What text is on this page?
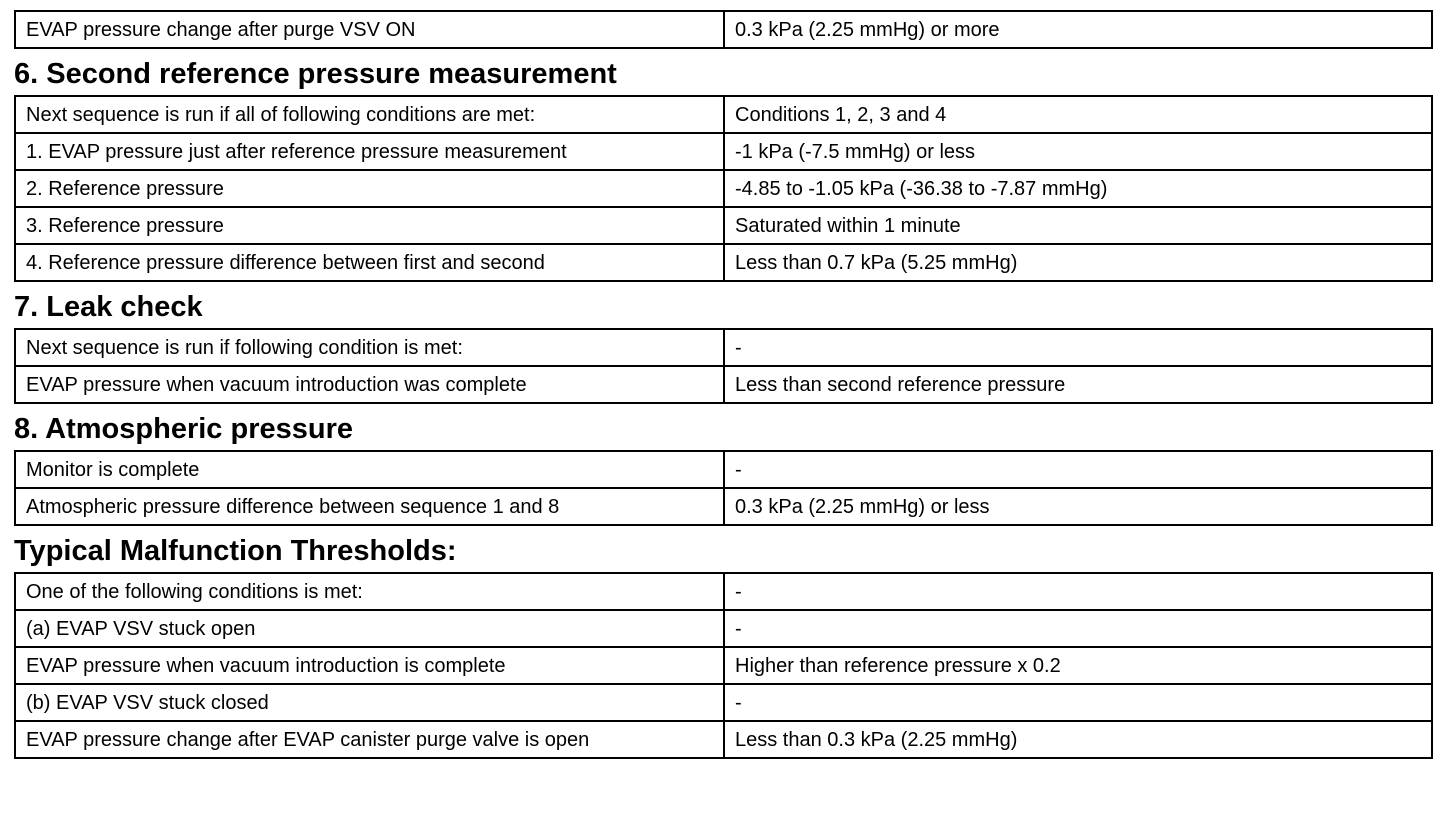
EVAP pressure change after purge VSV ON	0.3 kPa (2.25 mmHg) or more
6. Second reference pressure measurement
Next sequence is run if all of following conditions are met:	Conditions 1, 2, 3 and 4
1. EVAP pressure just after reference pressure measurement	-1 kPa (-7.5 mmHg) or less
2. Reference pressure	-4.85 to -1.05 kPa (-36.38 to -7.87 mmHg)
3. Reference pressure	Saturated within 1 minute
4. Reference pressure difference between first and second	Less than 0.7 kPa (5.25 mmHg)
7. Leak check
Next sequence is run if following condition is met:	-
EVAP pressure when vacuum introduction was complete	Less than second reference pressure
8. Atmospheric pressure
Monitor is complete	-
Atmospheric pressure difference between sequence 1 and 8	0.3 kPa (2.25 mmHg) or less
Typical Malfunction Thresholds:
One of the following conditions is met:	-
(a) EVAP VSV stuck open	-
EVAP pressure when vacuum introduction is complete	Higher than reference pressure x 0.2
(b) EVAP VSV stuck closed	-
EVAP pressure change after EVAP canister purge valve is open	Less than 0.3 kPa (2.25 mmHg)
